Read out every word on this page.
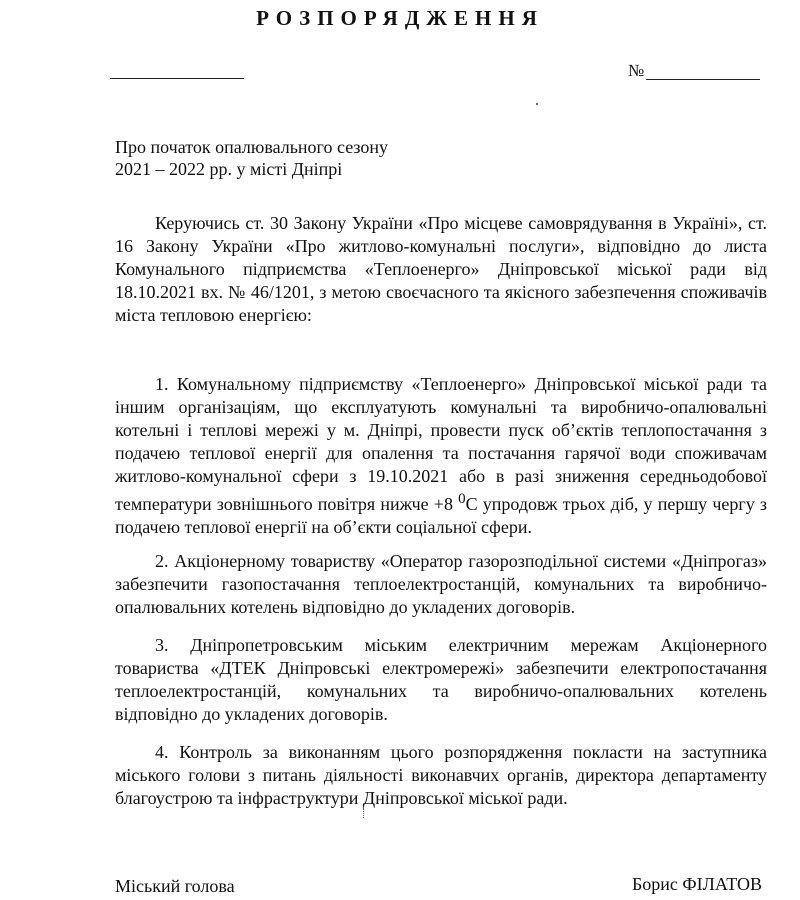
РОЗПОРЯДЖЕННЯ
№
Про початок опалювального сезону
2021 – 2022 рр. у місті Дніпрі
Керуючись ст. 30 Закону України «Про місцеве самоврядування в Україні», ст. 16 Закону України «Про житлово-комунальні послуги», відповідно до листа Комунального підприємства «Теплоенерго» Дніпровської міської ради від 18.10.2021 вх. № 46/1201, з метою своєчасного та якісного забезпечення споживачів міста тепловою енергією:
1. Комунальному підприємству «Теплоенерго» Дніпровської міської ради та іншим організаціям, що експлуатують комунальні та виробничо-опалювальні котельні і теплові мережі у м. Дніпрі, провести пуск об’єктів теплопостачання з подачею теплової енергії для опалення та постачання гарячої води споживачам житлово-комунальної сфери з 19.10.2021 або в разі зниження середньодобової температури зовнішнього повітря нижче +8 $^0$С упродовж трьох діб, у першу чергу з подачею теплової енергії на об’єкти соціальної сфери.
2. Акціонерному товариству «Оператор газорозподільної системи «Дніпрогаз» забезпечити газопостачання теплоелектростанцій, комунальних та виробничо-опалювальних котелень відповідно до укладених договорів.
3. Дніпропетровським міським електричним мережам Акціонерного товариства «ДТЕК Дніпровські електромережі» забезпечити електропостачання теплоелектростанцій, комунальних та виробничо-опалювальних котелень відповідно до укладених договорів.
4. Контроль за виконанням цього розпорядження покласти на заступника міського голови з питань діяльності виконавчих органів, директора департаменту благоустрою та інфраструктури Дніпровської міської ради.
Міський голова	Борис ФІЛАТОВ
